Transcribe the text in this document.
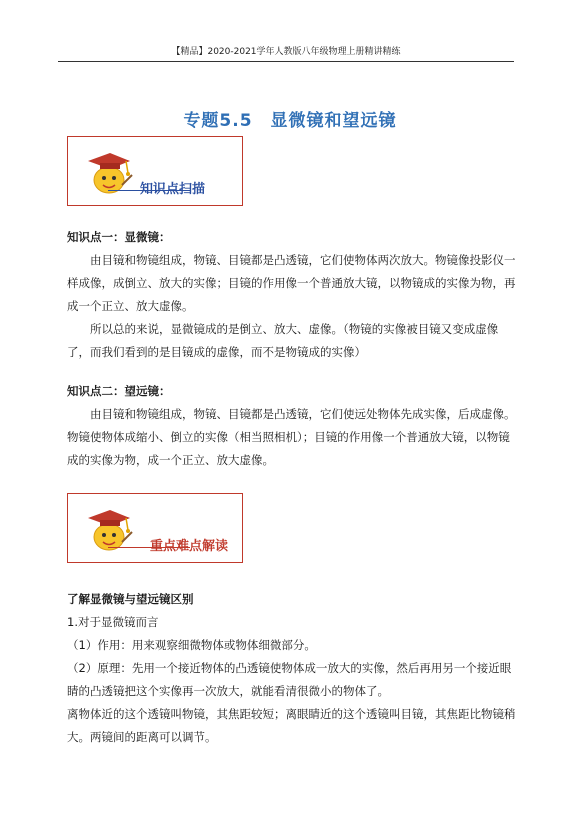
【精品】2020-2021学年人教版八年级物理上册精讲精练
专题5.5　显微镜和望远镜
知识点扫描

知识点一：显微镜：

由目镜和物镜组成，物镜、目镜都是凸透镜，它们使物体两次放大。物镜像投影仪一样成像，成倒立、放大的实像；目镜的作用像一个普通放大镜，以物镜成的实像为物，再成一个正立、放大虚像。

所以总的来说，显微镜成的是倒立、放大、虚像。（物镜的实像被目镜又变成虚像了，而我们看到的是目镜成的虚像，而不是物镜成的实像）

知识点二：望远镜：

由目镜和物镜组成，物镜、目镜都是凸透镜，它们使远处物体先成实像，后成虚像。物镜使物体成缩小、倒立的实像（相当照相机）；目镜的作用像一个普通放大镜，以物镜成的实像为物，成一个正立、放大虚像。

重点难点解读

了解显微镜与望远镜区别

1.对于显微镜而言

（1）作用：用来观察细微物体或物体细微部分。

（2）原理：先用一个接近物体的凸透镜使物体成一放大的实像，然后再用另一个接近眼睛的凸透镜把这个实像再一次放大，就能看清很微小的物体了。

离物体近的这个透镜叫物镜，其焦距较短；离眼睛近的这个透镜叫目镜，其焦距比物镜稍大。两镜间的距离可以调节。
